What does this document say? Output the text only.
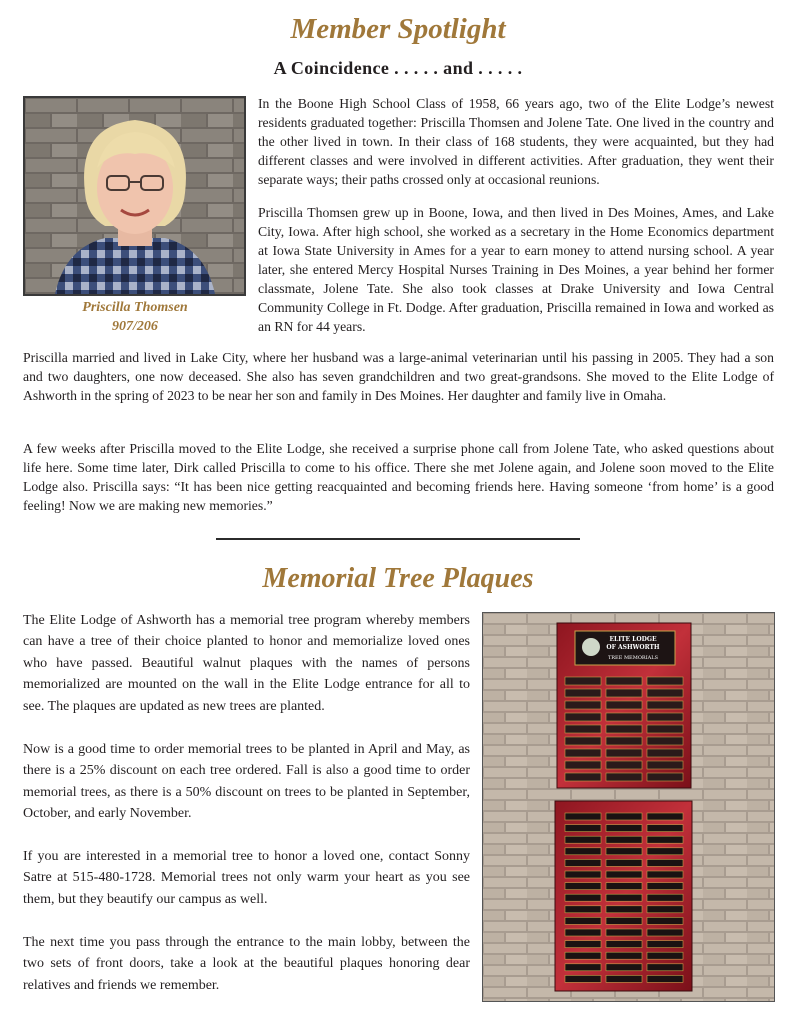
Member Spotlight
A Coincidence . . . . . and . . . . .
Priscilla Thomsen
907/206

In the Boone High School Class of 1958, 66 years ago, two of the Elite Lodge’s newest residents graduated together: Priscilla Thomsen and Jolene Tate. One lived in the country and the other lived in town. In their class of 168 students, they were acquainted, but they had different classes and were involved in different activities. After graduation, they went their separate ways; their paths crossed only at occasional reunions.

Priscilla Thomsen grew up in Boone, Iowa, and then lived in Des Moines, Ames, and Lake City, Iowa. After high school, she worked as a secretary in the Home Economics department at Iowa State University in Ames for a year to earn money to attend nursing school. A year later, she entered Mercy Hospital Nurses Training in Des Moines, a year behind her former classmate, Jolene Tate. She also took classes at Drake University and Iowa Central Community College in Ft. Dodge. After graduation, Priscilla remained in Iowa and worked as an RN for 44 years.

Priscilla married and lived in Lake City, where her husband was a large-animal veterinarian until his passing in 2005. They had a son and two daughters, one now deceased. She also has seven grandchildren and two great-grandsons. She moved to the Elite Lodge of Ashworth in the spring of 2023 to be near her son and family in Des Moines. Her daughter and family live in Omaha.

A few weeks after Priscilla moved to the Elite Lodge, she received a surprise phone call from Jolene Tate, who asked questions about life here. Some time later, Dirk called Priscilla to come to his office. There she met Jolene again, and Jolene soon moved to the Elite Lodge also. Priscilla says: “It has been nice getting reacquainted and becoming friends here. Having someone ‘from home’ is a good feeling! Now we are making new memories.”

Memorial Tree Plaques

The Elite Lodge of Ashworth has a memorial tree program whereby members can have a tree of their choice planted to honor and memorialize loved ones who have passed. Beautiful walnut plaques with the names of persons memorialized are mounted on the wall in the Elite Lodge entrance for all to see. The plaques are updated as new trees are planted.

Now is a good time to order memorial trees to be planted in April and May, as there is a 25% discount on each tree ordered. Fall is also a good time to order memorial trees, as there is a 50% discount on trees to be planted in September, October, and early November.

If you are interested in a memorial tree to honor a loved one, contact Sonny Satre at 515-480-1728. Memorial trees not only warm your heart as you see them, but they beautify our campus as well.

The next time you pass through the entrance to the main lobby, between the two sets of front doors, take a look at the beautiful plaques honoring dear relatives and friends we remember.

ELITE LODGE
OF ASHWORTH
TREE MEMORIALS
